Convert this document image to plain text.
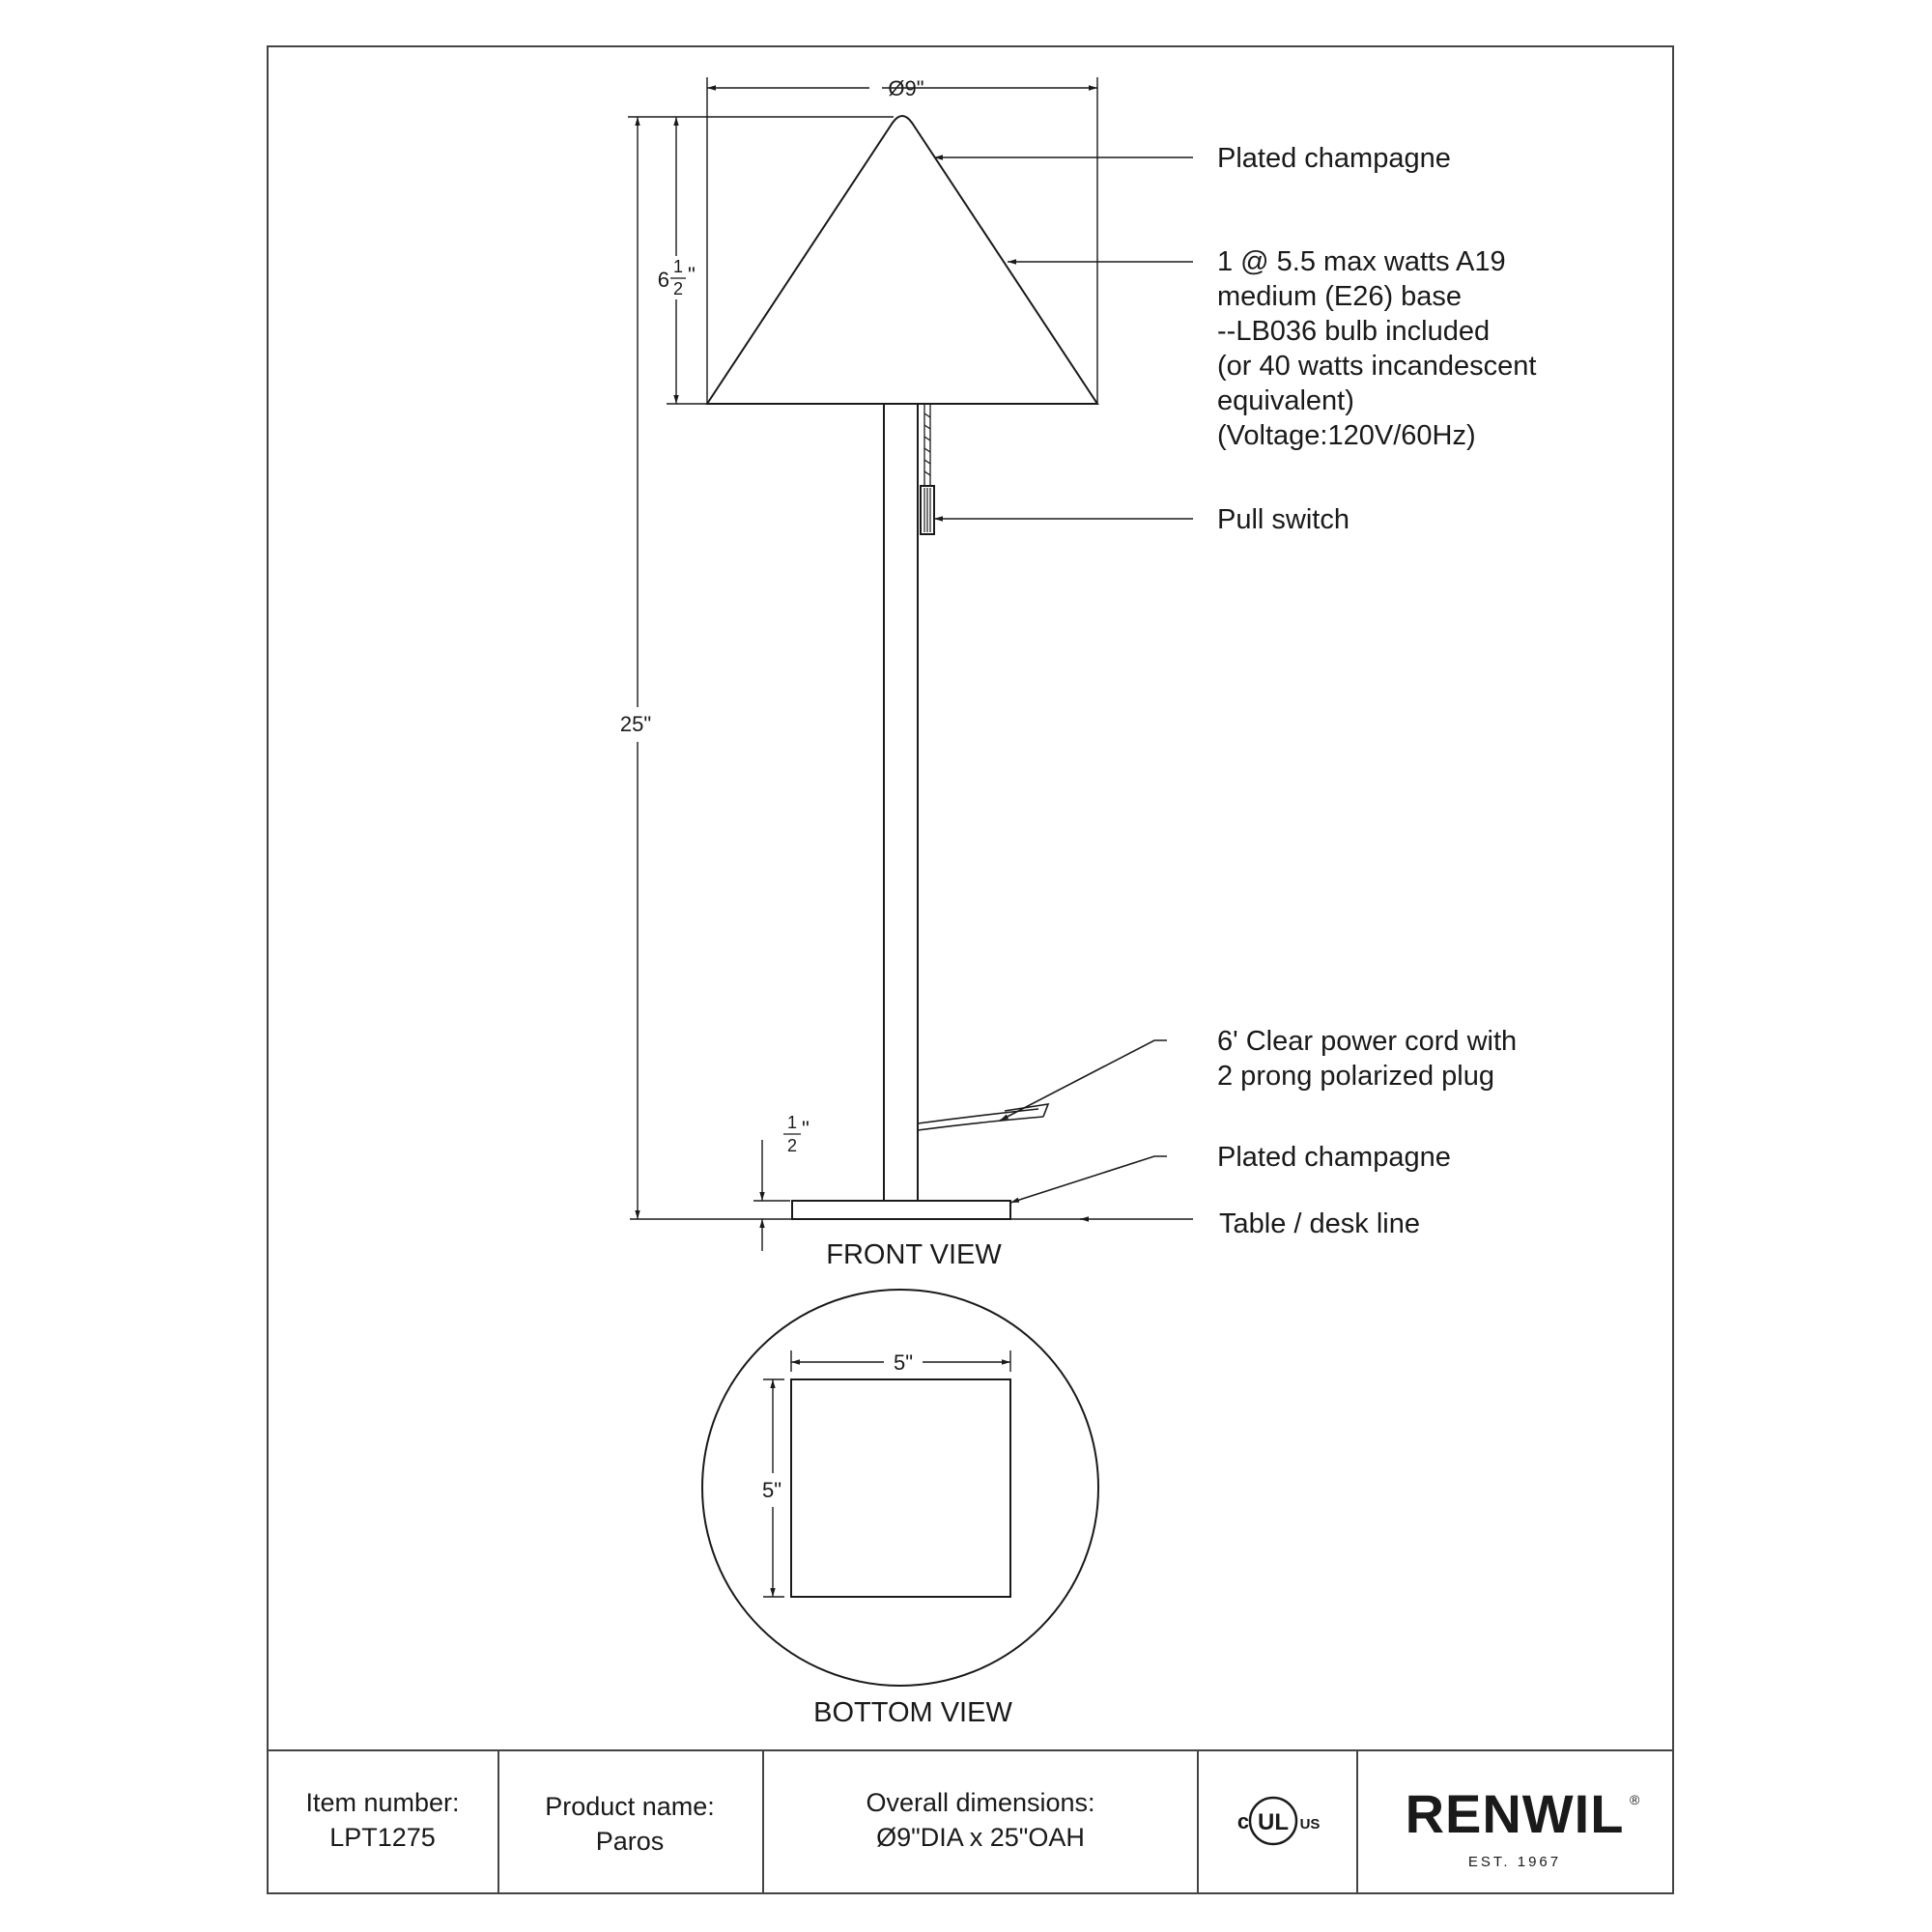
Ø9"
25"
6
1
2
"
1
2
"
Plated champagne
1 @ 5.5 max watts A19
medium (E26) base
--LB036 bulb included
(or 40 watts incandescent
equivalent)
(Voltage:120V/60Hz)
Pull switch
6' Clear power cord with
2 prong polarized plug
Plated champagne
Table / desk line
FRONT VIEW
5"
5"
BOTTOM VIEW
Item number:
LPT1275
Product name:
Paros
Overall dimensions:
Ø9"DIA x 25"OAH
c UL US RENWIL ®
EST. 1967
